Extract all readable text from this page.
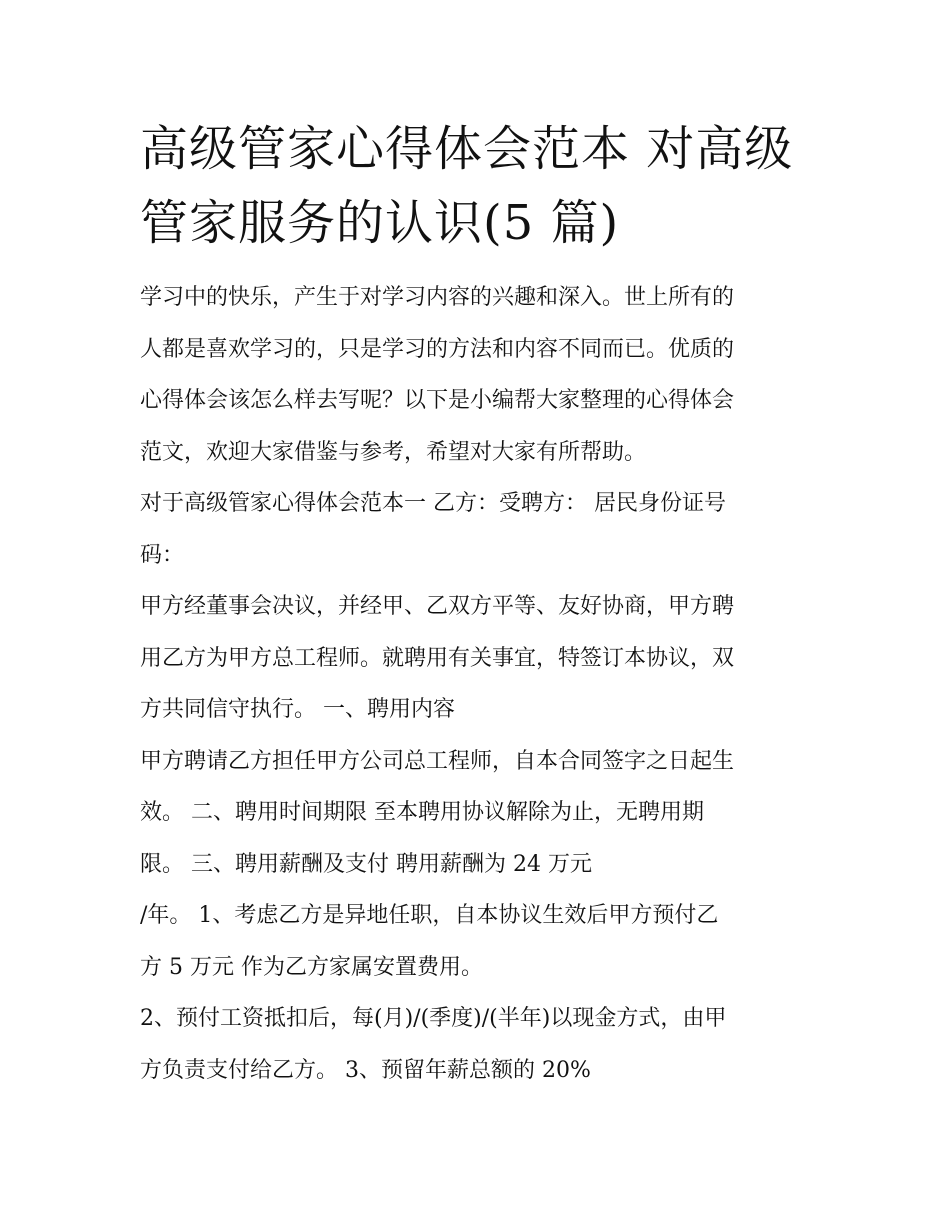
高级管家心得体会范本 对高级
管家服务的认识(5 篇)

学习中的快乐，产生于对学习内容的兴趣和深入。世上所有的
人都是喜欢学习的，只是学习的方法和内容不同而已。优质的
心得体会该怎么样去写呢？以下是小编帮大家整理的心得体会
范文，欢迎大家借鉴与参考，希望对大家有所帮助。

对于高级管家心得体会范本一 乙方：受聘方： 居民身份证号
码：

甲方经董事会决议，并经甲、乙双方平等、友好协商，甲方聘
用乙方为甲方总工程师。就聘用有关事宜，特签订本协议，双
方共同信守执行。 一、聘用内容

甲方聘请乙方担任甲方公司总工程师，自本合同签字之日起生
效。 二、聘用时间期限 至本聘用协议解除为止，无聘用期
限。 三、聘用薪酬及支付 聘用薪酬为 24 万元
/年。 1、考虑乙方是异地任职，自本协议生效后甲方预付乙
方 5 万元 作为乙方家属安置费用。

2、预付工资抵扣后，每(月)/(季度)/(半年)以现金方式，由甲
方负责支付给乙方。 3、预留年薪总额的 20%
